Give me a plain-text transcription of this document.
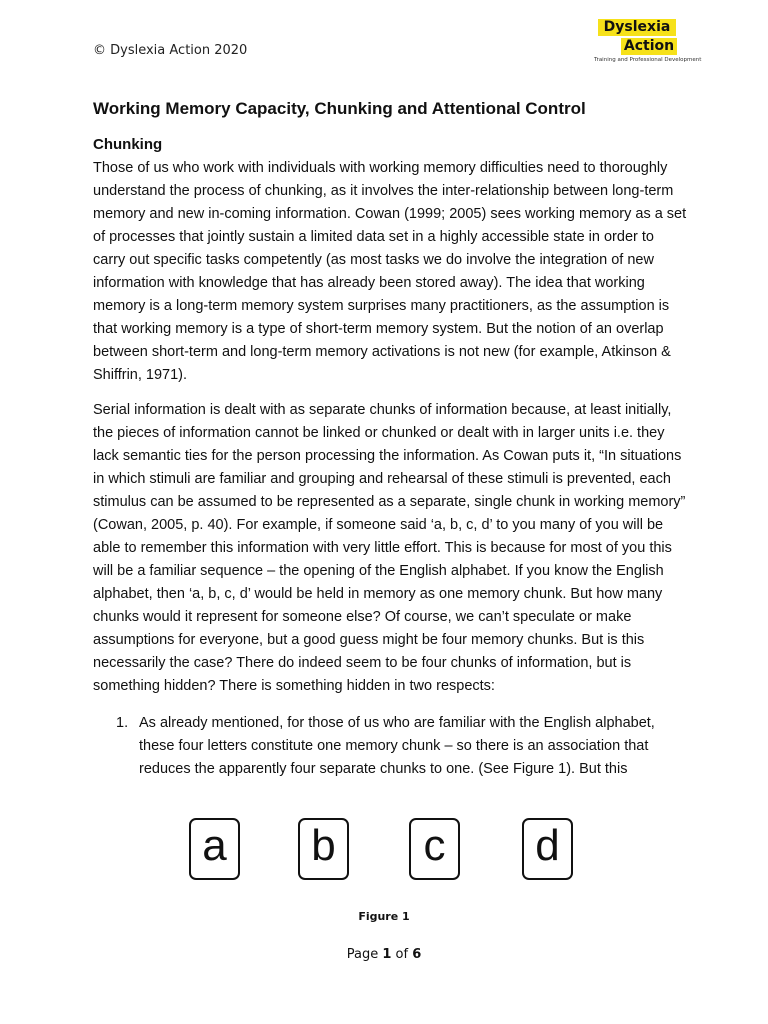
© Dyslexia Action 2020
Dyslexia
Action
Training and Professional Development
Working Memory Capacity, Chunking and Attentional Control
Chunking

Those of us who work with individuals with working memory difficulties need to thoroughly
understand the process of chunking, as it involves the inter-relationship between long-term
memory and new in-coming information. Cowan (1999; 2005) sees working memory as a set
of processes that jointly sustain a limited data set in a highly accessible state in order to
carry out specific tasks competently (as most tasks we do involve the integration of new
information with knowledge that has already been stored away). The idea that working
memory is a long-term memory system surprises many practitioners, as the assumption is
that working memory is a type of short-term memory system. But the notion of an overlap
between short-term and long-term memory activations is not new (for example, Atkinson &
Shiffrin, 1971).

Serial information is dealt with as separate chunks of information because, at least initially,
the pieces of information cannot be linked or chunked or dealt with in larger units i.e. they
lack semantic ties for the person processing the information. As Cowan puts it, “In situations
in which stimuli are familiar and grouping and rehearsal of these stimuli is prevented, each
stimulus can be assumed to be represented as a separate, single chunk in working memory”
(Cowan, 2005, p. 40). For example, if someone said ‘a, b, c, d’ to you many of you will be
able to remember this information with very little effort. This is because for most of you this
will be a familiar sequence – the opening of the English alphabet. If you know the English
alphabet, then ‘a, b, c, d’ would be held in memory as one memory chunk. But how many
chunks would it represent for someone else? Of course, we can’t speculate or make
assumptions for everyone, but a good guess might be four memory chunks. But is this
necessarily the case? There do indeed seem to be four chunks of information, but is
something hidden? There is something hidden in two respects:

1. As already mentioned, for those of us who are familiar with the English alphabet,
these four letters constitute one memory chunk – so there is an association that
reduces the apparently four separate chunks to one. (See Figure 1). But this
a	b	c	d
Figure 1
Page 1 of 6
